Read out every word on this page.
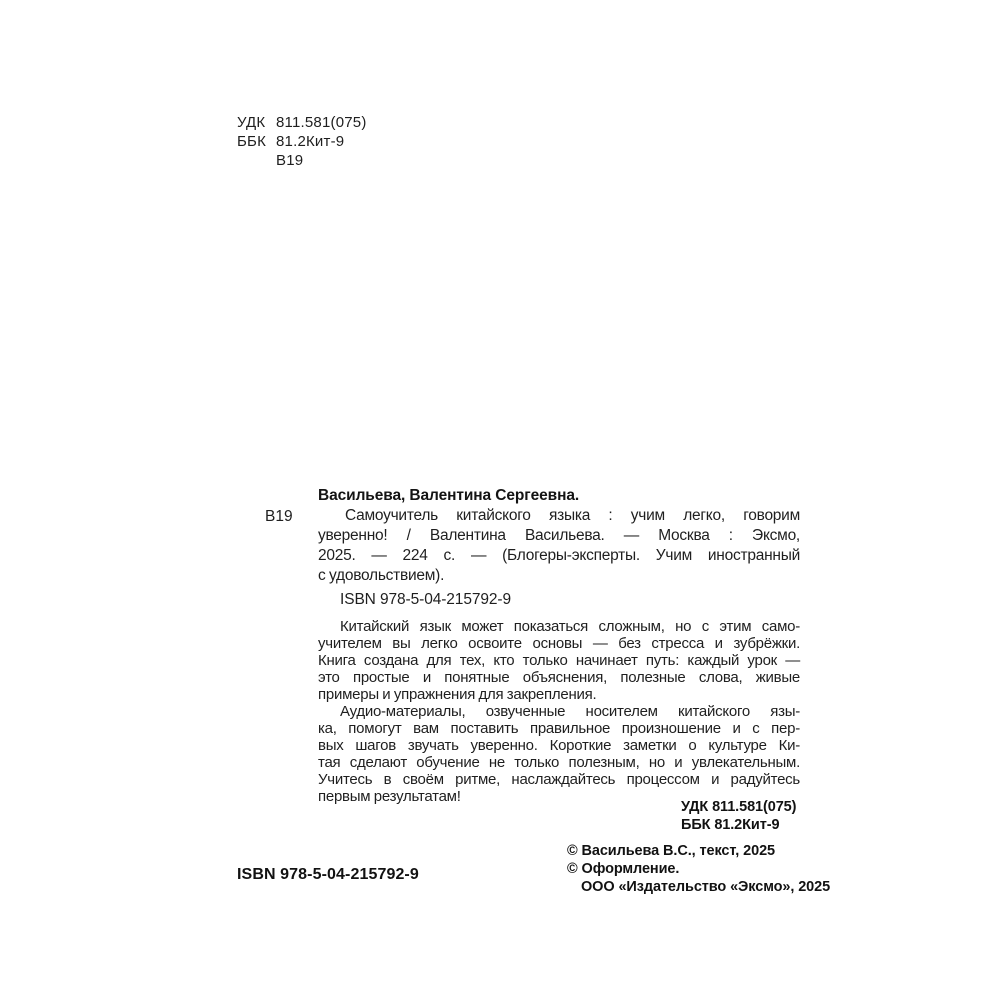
УДК 811.581(075)
ББК 81.2Кит-9
В19
Васильева, Валентина Сергеевна.
В19	Самоучитель китайского языка : учим легко, говорим
уверенно! / Валентина Васильева. — Москва : Эксмо,
2025. — 224 с. — (Блогеры-эксперты. Учим иностранный
с удовольствием).
ISBN 978-5-04-215792-9
Китайский язык может показаться сложным, но с этим само-
учителем вы легко освоите основы — без стресса и зубрёжки.
Книга создана для тех, кто только начинает путь: каждый урок —
это простые и понятные объяснения, полезные слова, живые
примеры и упражнения для закрепления.
Аудио-материалы, озвученные носителем китайского язы-
ка, помогут вам поставить правильное произношение и с пер-
вых шагов звучать уверенно. Короткие заметки о культуре Ки-
тая сделают обучение не только полезным, но и увлекательным.
Учитесь в своём ритме, наслаждайтесь процессом и радуйтесь
первым результатам!
УДК 811.581(075)
ББК 81.2Кит-9
© Васильева В.С., текст, 2025
© Оформление.
ООО «Издательство «Эксмо», 2025
ISBN 978-5-04-215792-9
